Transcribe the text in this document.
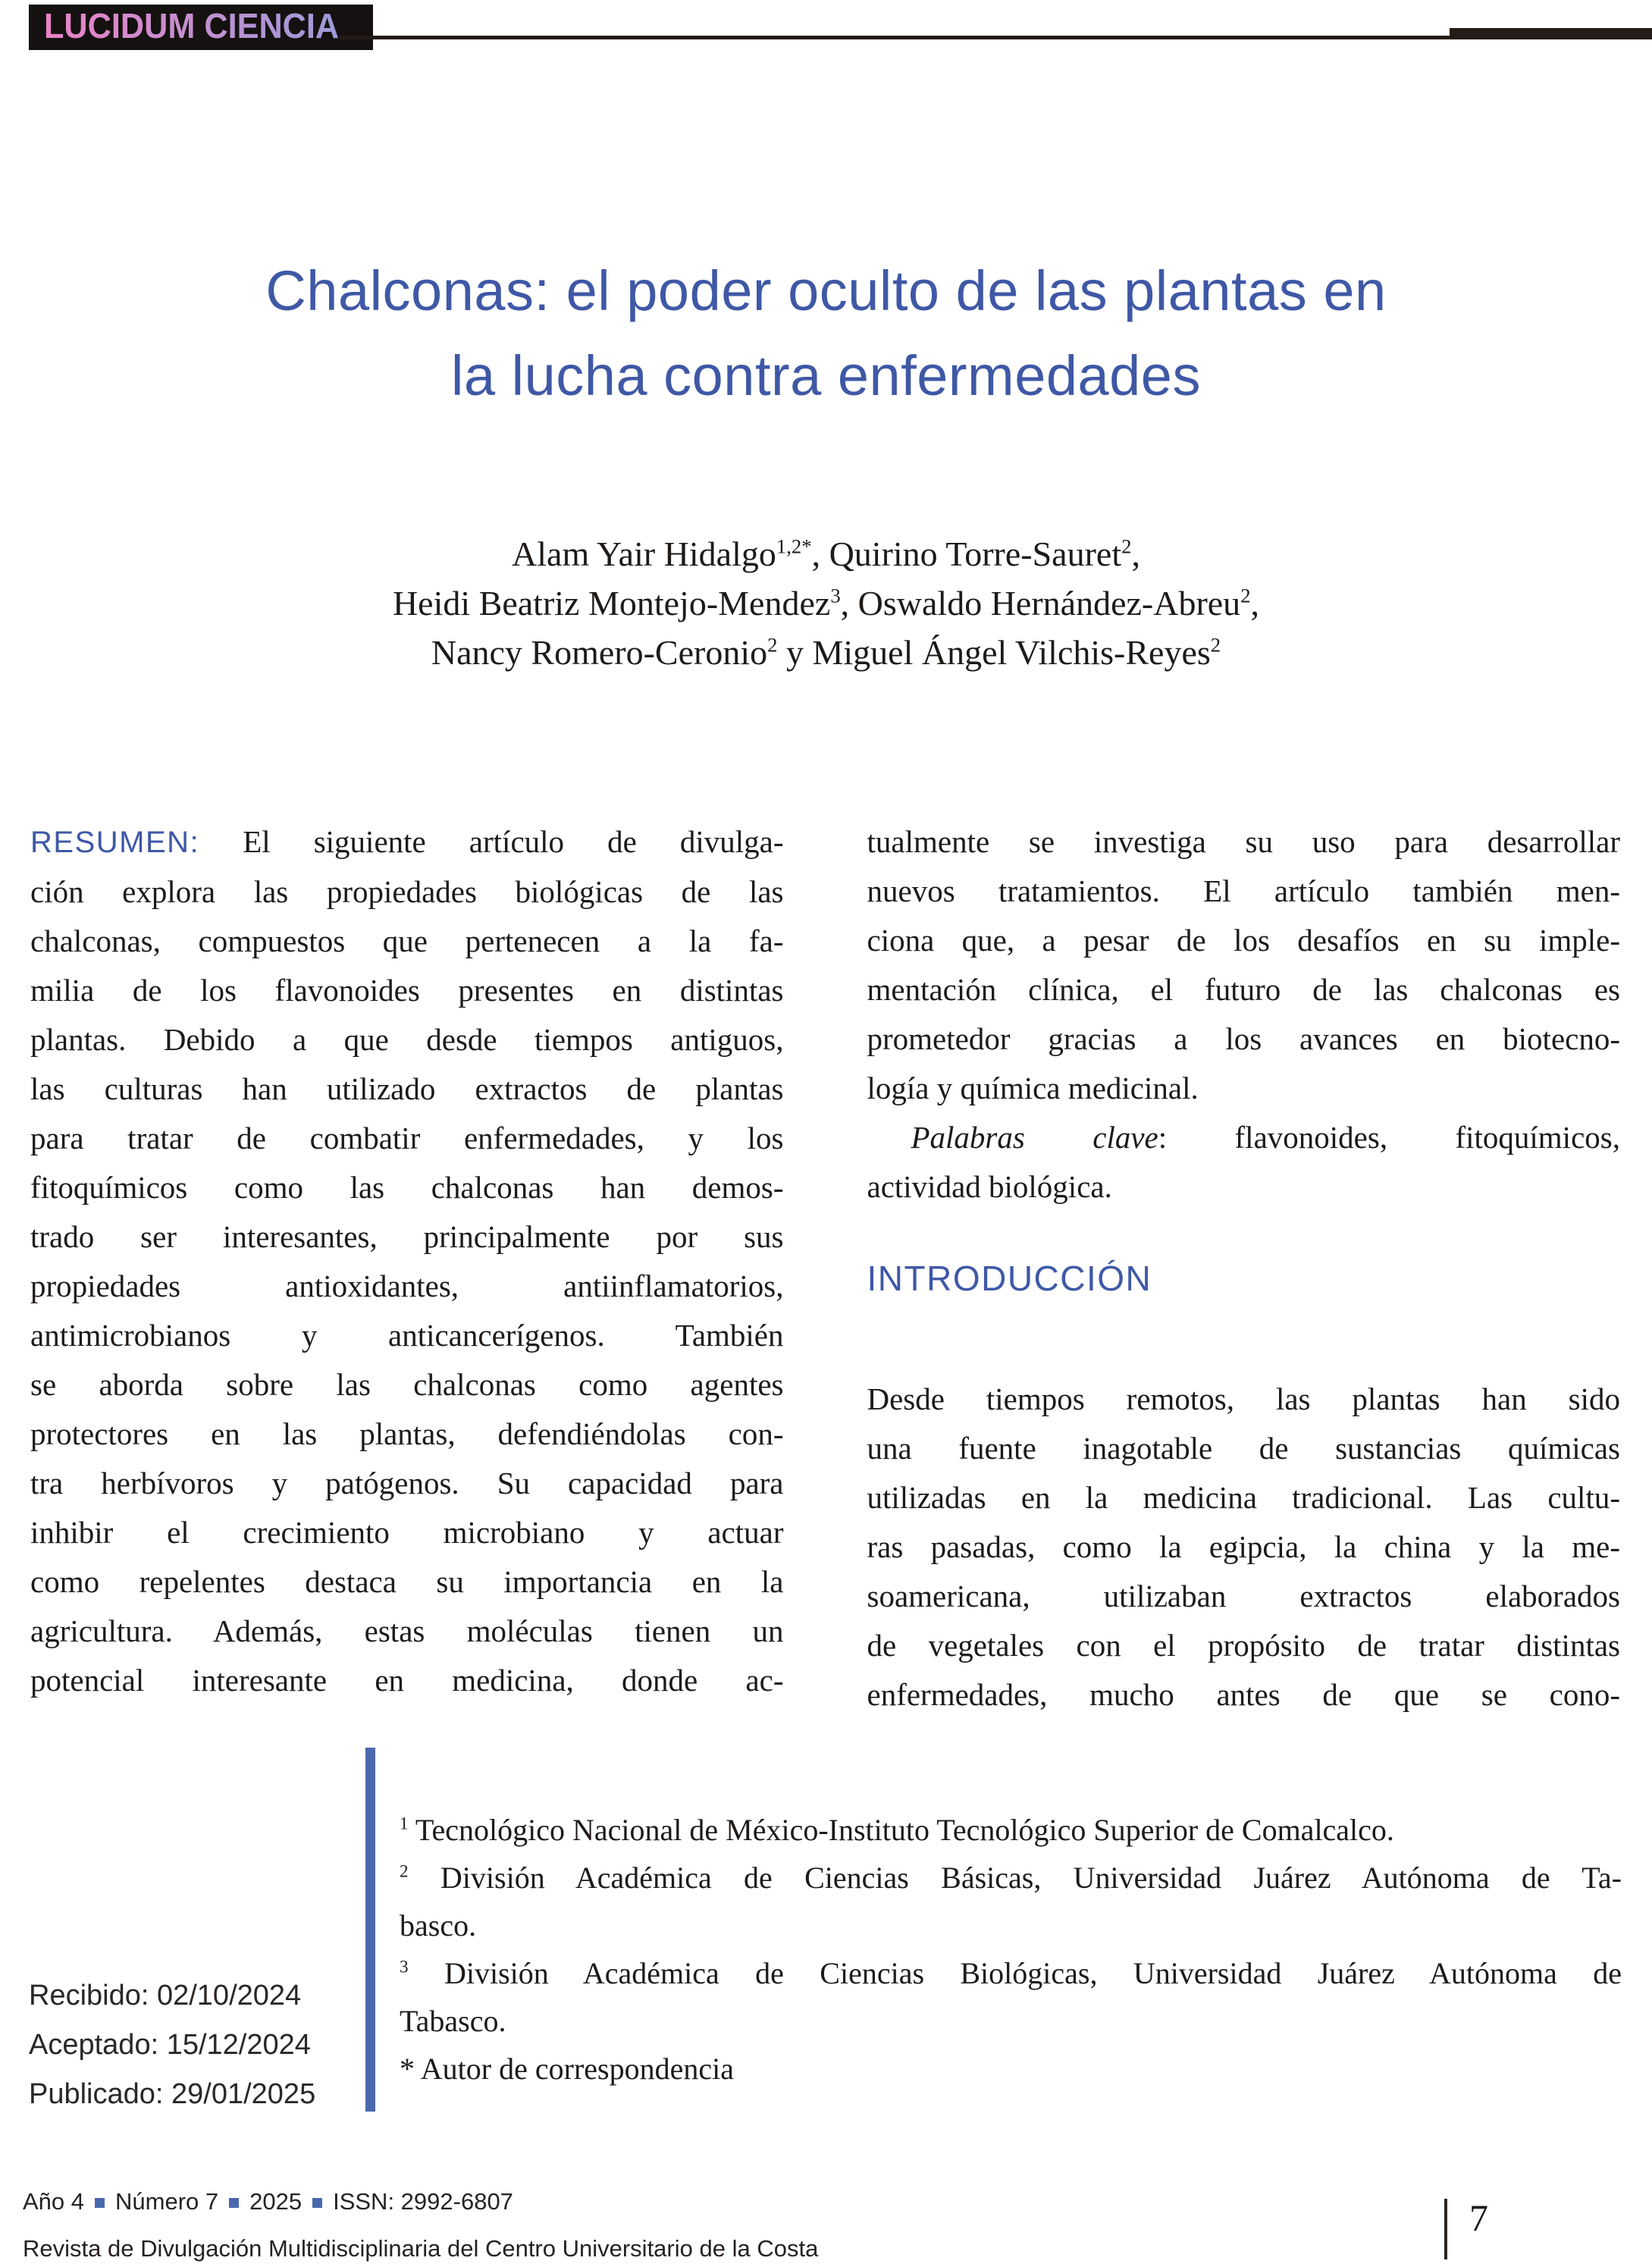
LUCIDUM CIENCIA
Chalconas: el poder oculto de las plantas en
la lucha contra enfermedades
Alam Yair Hidalgo$^{1,2*}$, Quirino Torre-Sauret$^2$,
Heidi Beatriz Montejo-Mendez$^3$, Oswaldo Hernández-Abreu$^2$,
Nancy Romero-Ceronio$^2$ y Miguel Ángel Vilchis-Reyes$^2$
RESUMEN: El siguiente artículo de divulga-
ción explora las propiedades biológicas de las
chalconas, compuestos que pertenecen a la fa-
milia de los flavonoides presentes en distintas
plantas. Debido a que desde tiempos antiguos,
las culturas han utilizado extractos de plantas
para tratar de combatir enfermedades, y los
fitoquímicos como las chalconas han demos-
trado ser interesantes, principalmente por sus
propiedades antioxidantes, antiinflamatorios,
antimicrobianos y anticancerígenos. También
se aborda sobre las chalconas como agentes
protectores en las plantas, defendiéndolas con-
tra herbívoros y patógenos. Su capacidad para
inhibir el crecimiento microbiano y actuar
como repelentes destaca su importancia en la
agricultura. Además, estas moléculas tienen un
potencial interesante en medicina, donde ac-
tualmente se investiga su uso para desarrollar
nuevos tratamientos. El artículo también men-
ciona que, a pesar de los desafíos en su imple-
mentación clínica, el futuro de las chalconas es
prometedor gracias a los avances en biotecno-
logía y química medicinal.
Palabras clave: flavonoides, fitoquímicos,
actividad biológica.
INTRODUCCIÓN
Desde tiempos remotos, las plantas han sido
una fuente inagotable de sustancias químicas
utilizadas en la medicina tradicional. Las cultu-
ras pasadas, como la egipcia, la china y la me-
soamericana, utilizaban extractos elaborados
de vegetales con el propósito de tratar distintas
enfermedades, mucho antes de que se cono-
Recibido: 02/10/2024
Aceptado: 15/12/2024
Publicado: 29/01/2025
$^1$ Tecnológico Nacional de México-Instituto Tecnológico Superior de Comalcalco.
$^2$ División Académica de Ciencias Básicas, Universidad Juárez Autónoma de Ta-
basco.
$^3$ División Académica de Ciencias Biológicas, Universidad Juárez Autónoma de
Tabasco.
* Autor de correspondencia
Año 4 Número 7 2025 ISSN: 2992-6807
Revista de Divulgación Multidisciplinaria del Centro Universitario de la Costa
7
